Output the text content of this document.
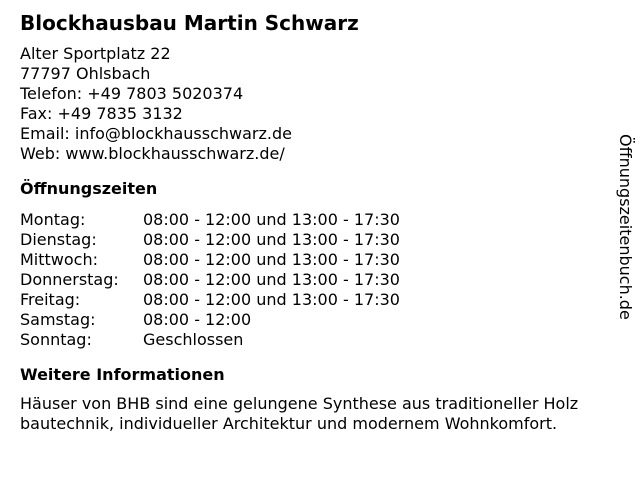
Blockhausbau Martin Schwarz
Alter Sportplatz 22
77797 Ohlsbach
Telefon: +49 7803 5020374
Fax: +49 7835 3132
Email: info@blockhausschwarz.de
Web: www.blockhausschwarz.de/
Öffnungszeiten
Montag:	08:00 - 12:00 und 13:00 - 17:30
Dienstag:	08:00 - 12:00 und 13:00 - 17:30
Mittwoch:	08:00 - 12:00 und 13:00 - 17:30
Donnerstag:	08:00 - 12:00 und 13:00 - 17:30
Freitag:	08:00 - 12:00 und 13:00 - 17:30
Samstag:	08:00 - 12:00
Sonntag:	Geschlossen
Weitere Informationen
Häuser von BHB sind eine gelungene Synthese aus traditioneller Holz
bautechnik, individueller Architektur und modernem Wohnkomfort.
Öffnungszeitenbuch.de
